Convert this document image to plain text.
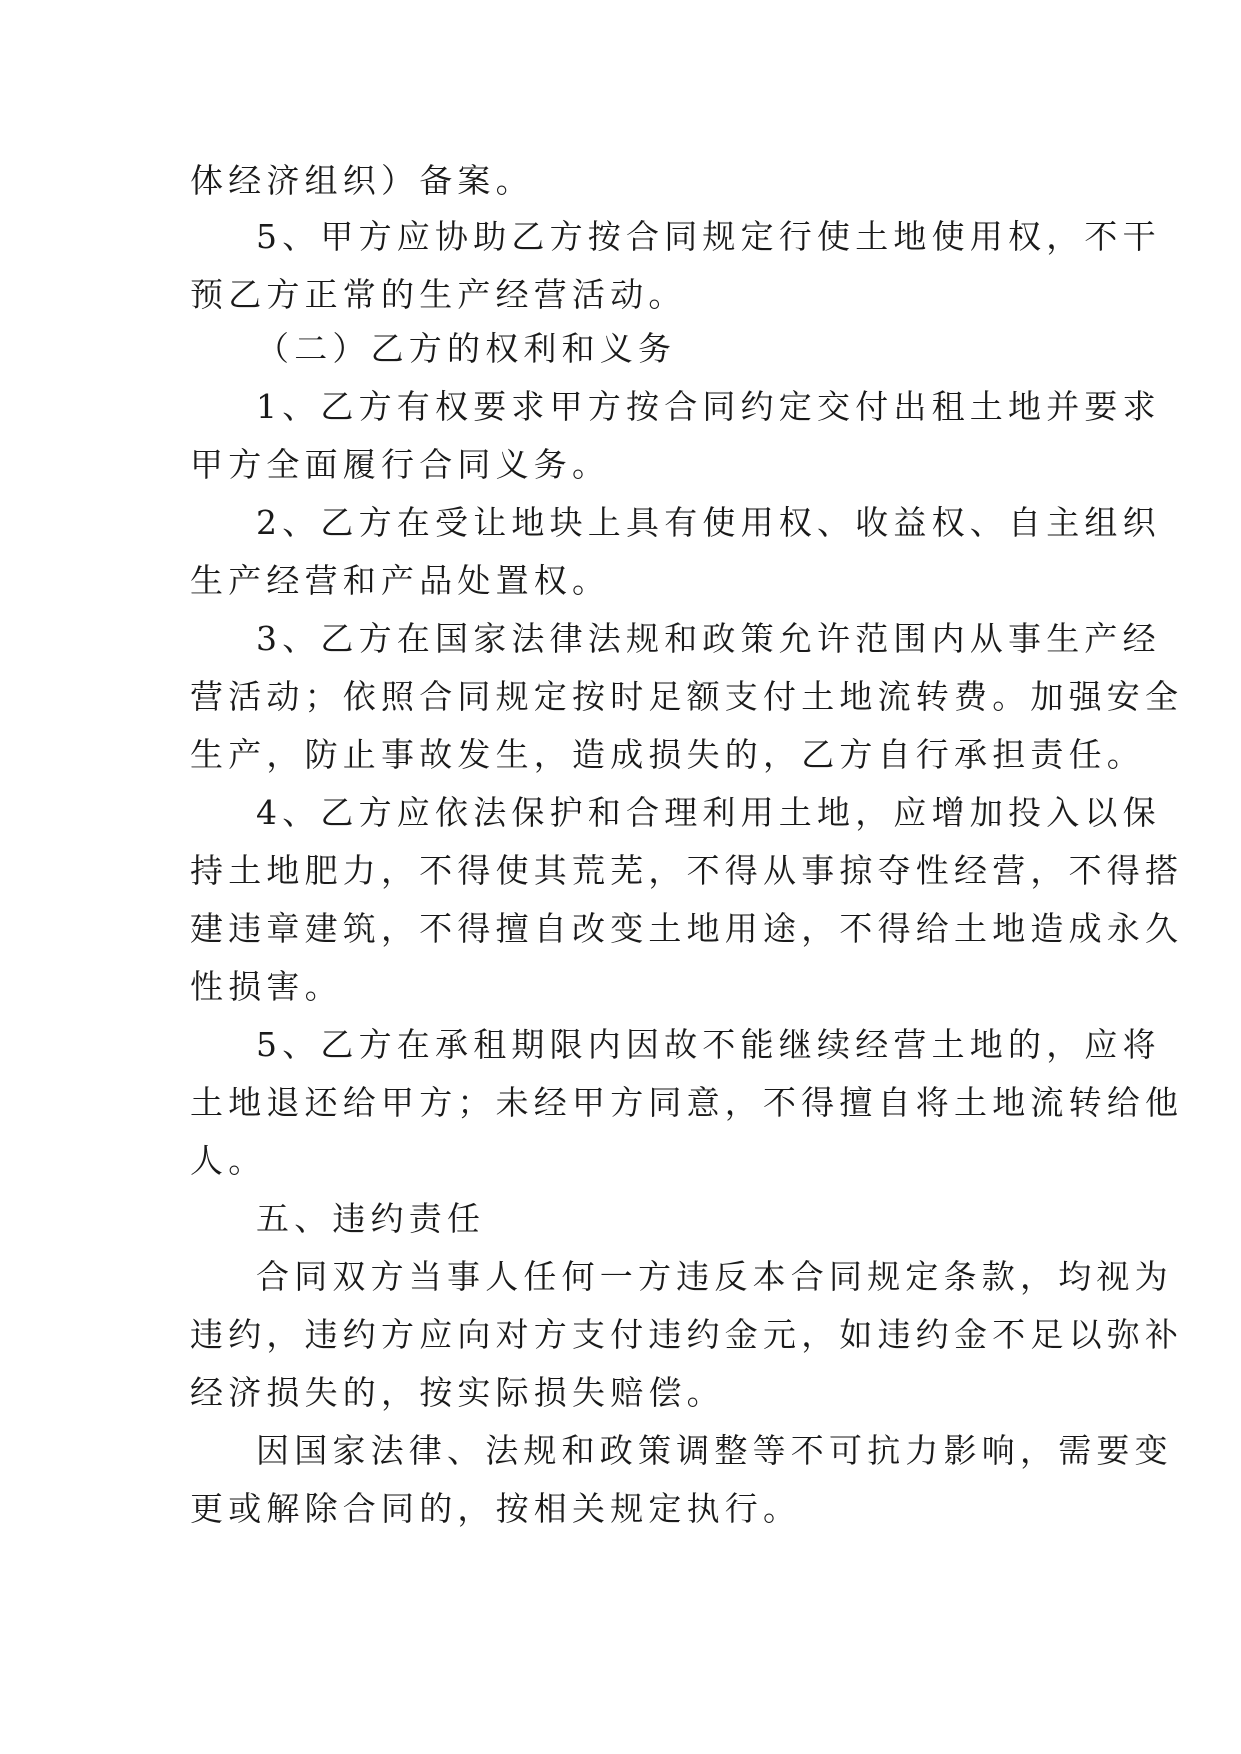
体经济组织）备案。
5、甲方应协助乙方按合同规定行使土地使用权，不干
预乙方正常的生产经营活动。
（二）乙方的权利和义务
1、乙方有权要求甲方按合同约定交付出租土地并要求
甲方全面履行合同义务。
2、乙方在受让地块上具有使用权、收益权、自主组织
生产经营和产品处置权。
3、乙方在国家法律法规和政策允许范围内从事生产经
营活动；依照合同规定按时足额支付土地流转费。加强安全
生产，防止事故发生，造成损失的，乙方自行承担责任。
4、乙方应依法保护和合理利用土地，应增加投入以保
持土地肥力，不得使其荒芜，不得从事掠夺性经营，不得搭
建违章建筑，不得擅自改变土地用途，不得给土地造成永久
性损害。
5、乙方在承租期限内因故不能继续经营土地的，应将
土地退还给甲方；未经甲方同意，不得擅自将土地流转给他
人。
五、违约责任
合同双方当事人任何一方违反本合同规定条款，均视为
违约，违约方应向对方支付违约金元，如违约金不足以弥补
经济损失的，按实际损失赔偿。
因国家法律、法规和政策调整等不可抗力影响，需要变
更或解除合同的，按相关规定执行。
